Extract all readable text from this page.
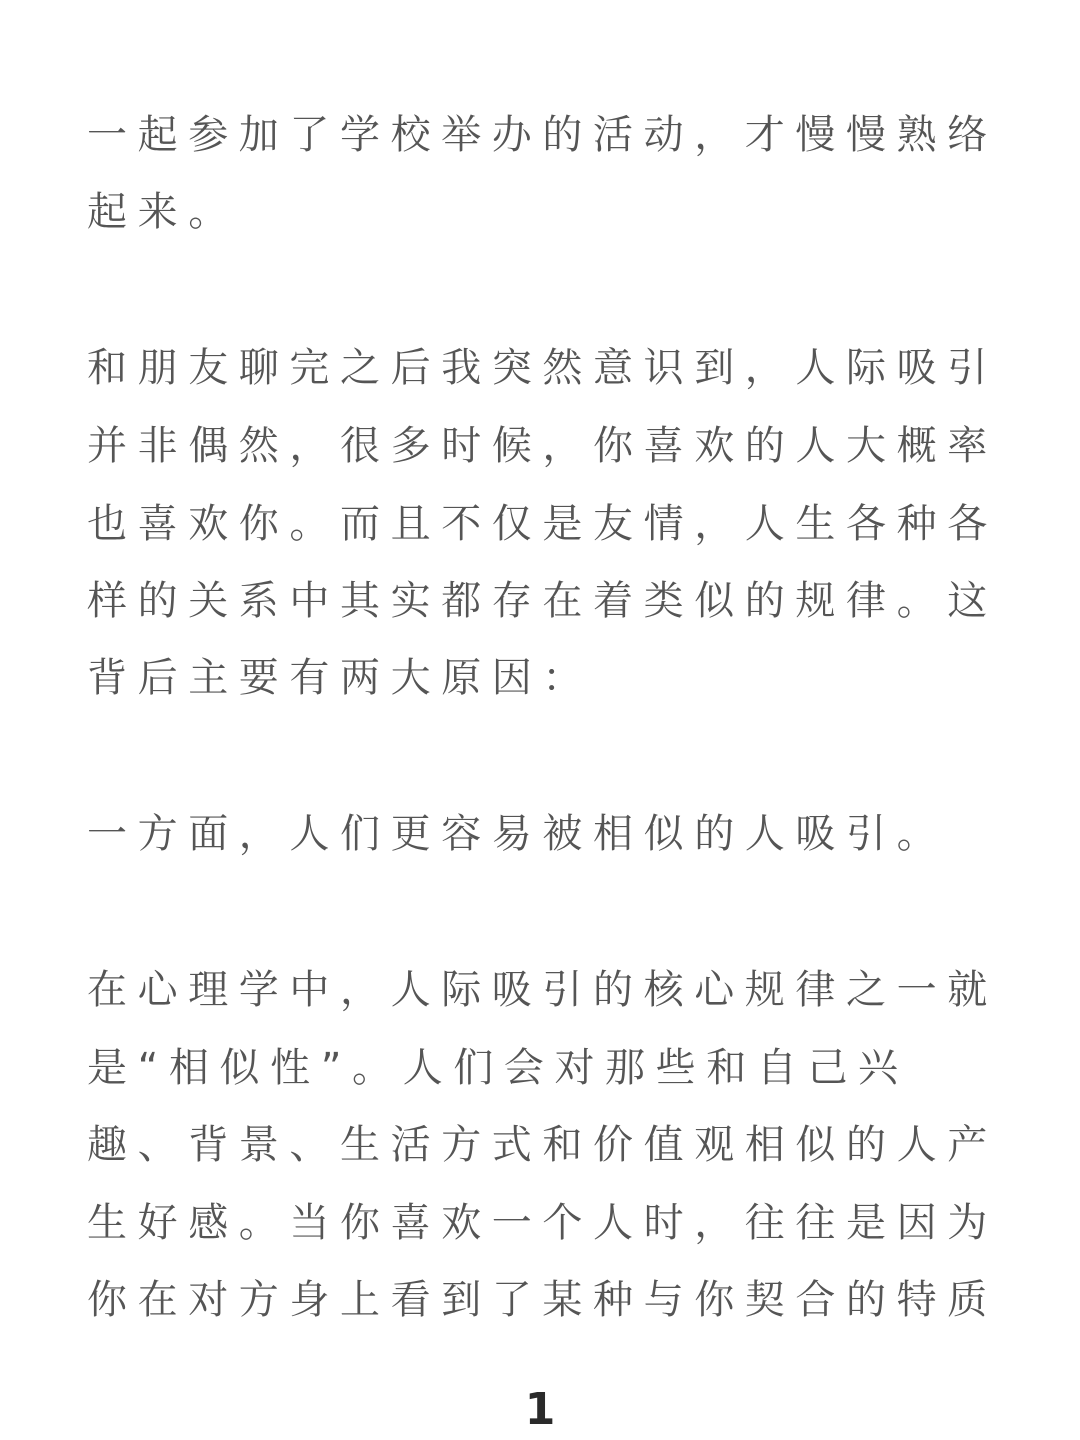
一起参加了学校举办的活动，才慢慢熟络

起来。

和朋友聊完之后我突然意识到，人际吸引

并非偶然，很多时候，你喜欢的人大概率

也喜欢你。而且不仅是友情，人生各种各

样的关系中其实都存在着类似的规律。这

背后主要有两大原因：

一方面，人们更容易被相似的人吸引。

在心理学中，人际吸引的核心规律之一就

是“相似性”。人们会对那些和自己兴

趣、背景、生活方式和价值观相似的人产

生好感。当你喜欢一个人时，往往是因为

你在对方身上看到了某种与你契合的特质

1
